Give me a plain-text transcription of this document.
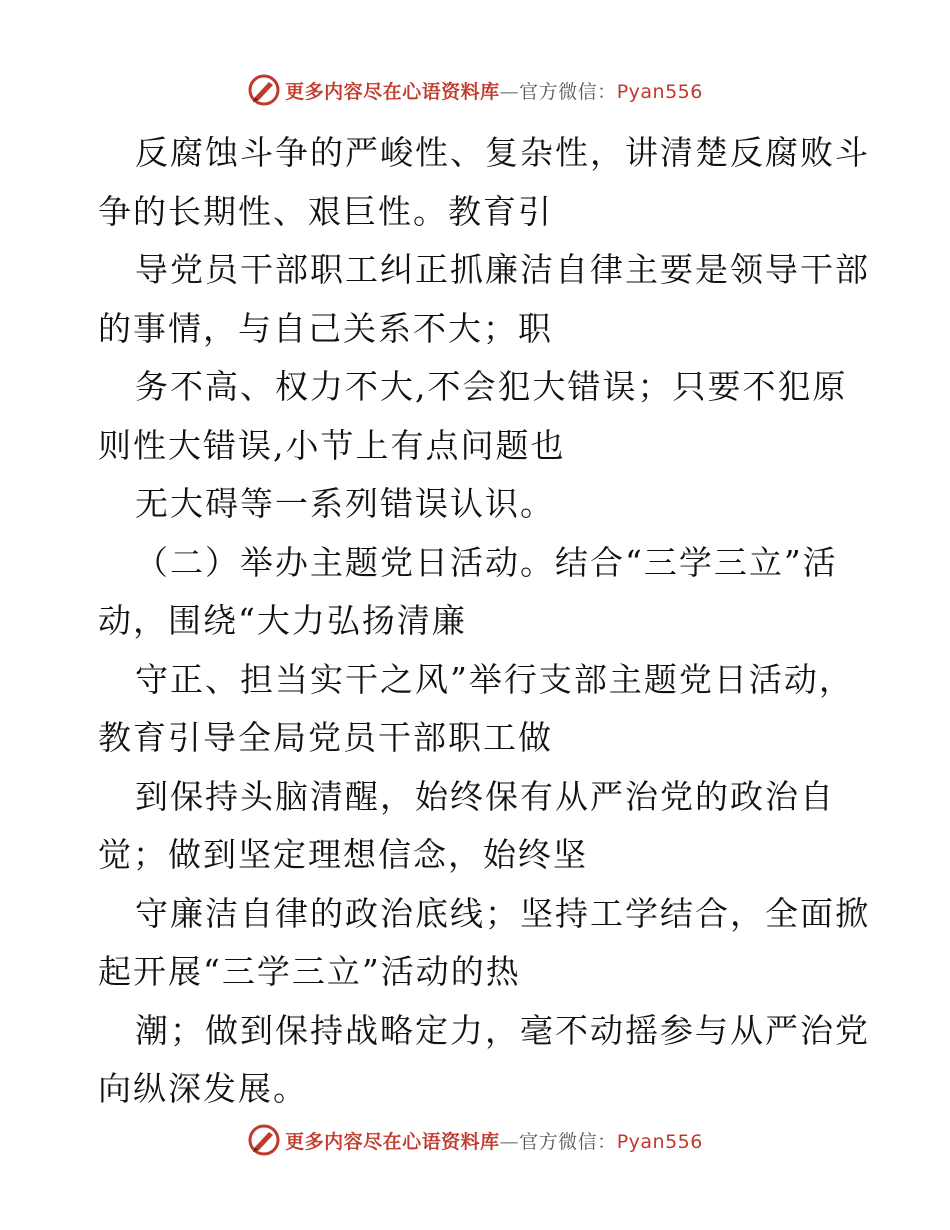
更多内容尽在心语资料库—官方微信：Pyan556
反腐蚀斗争的严峻性、复杂性，讲清楚反腐败斗
争的长期性、艰巨性。教育引
导党员干部职工纠正抓廉洁自律主要是领导干部
的事情，与自己关系不大；职
务不高、权力不大,不会犯大错误；只要不犯原
则性大错误,小节上有点问题也
无大碍等一系列错误认识。
（二）举办主题党日活动。结合“三学三立”活
动，围绕“大力弘扬清廉
守正、担当实干之风”举行支部主题党日活动，
教育引导全局党员干部职工做
到保持头脑清醒，始终保有从严治党的政治自
觉；做到坚定理想信念，始终坚
守廉洁自律的政治底线；坚持工学结合，全面掀
起开展“三学三立”活动的热
潮；做到保持战略定力，毫不动摇参与从严治党
向纵深发展。
更多内容尽在心语资料库—官方微信：Pyan556
